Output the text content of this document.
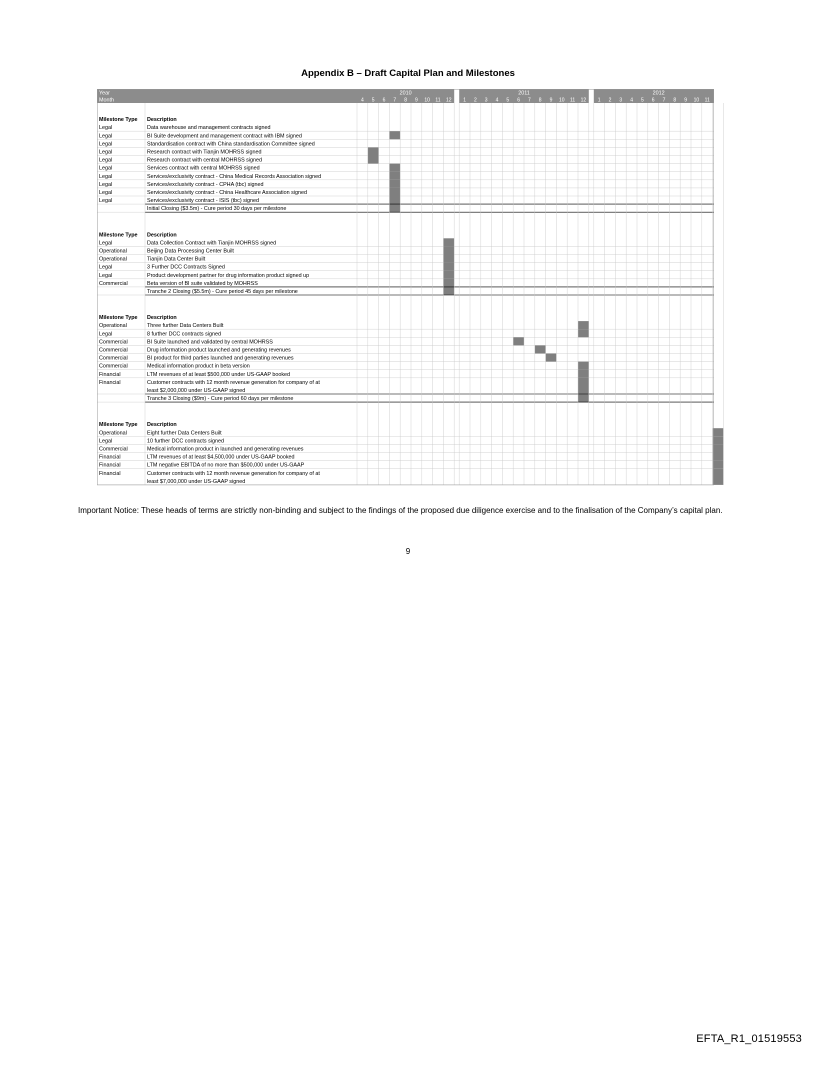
Appendix B – Draft Capital Plan and Milestones
Year
Month
2010
4 5 6 7 8 9 10 11 12
2011
1 2 3 4 5 6 7 8 9 10 11 12
2012
1 2 3 4 5 6 7 8 9 10 11 12
Milestone Type Description
Data warehouse and management contracts signed
Legal
BI Suite development and management contract with IBM signed
Legal
Standardisation contract with China standardisation Committee signed
Legal
Research contract with Tianjin MOHRSS signed
Legal
Research contract with central MOHRSS signed
Legal
Services contract with central MOHRSS signed
Legal
Services/exclusivity contract - China Medical Records Association signed
Legal
Services/exclusivity contract - CPHA (tbc) signed
Legal
Services/exclusivity contract - China Healthcare Association signed
Legal
Services/exclusivity contract - ISIS (tbc) signed
Legal
Initial Closing ($3.5m) - Cure period 30 days per milestone
Milestone Type Description
Data Collection Contract with Tianjin MOHRSS signed
Legal
Beijing Data Processing Center Built
Operational
Tianjin Data Center Built
Operational
3 Further DCC Contracts Signed
Legal
Product development partner for drug information product signed up
Legal
Beta version of BI suite validated by MOHRSS
Commercial
Tranche 2 Closing ($5.5m) - Cure period 45 days per milestone
Milestone Type Description
Three further Data Centers Built
Operational
8 further DCC contracts signed
Legal
BI Suite launched and validated by central MOHRSS
Commercial
Drug information product launched and generating revenues
Commercial
BI product for third parties launched and generating revenues
Commercial
Medical information product in beta version
Commercial
LTM revenues of at least $500,000 under US-GAAP booked
Financial
Customer contracts with 12 month revenue generation for company of at
least $2,000,000 under US-GAAP signed
Financial
Tranche 3 Closing ($9m) - Cure period 60 days per milestone
Milestone Type Description
Eight further Data Centers Built
Operational
10 further DCC contracts signed
Legal
Medical information product in launched and generating revenues
Commercial
LTM revenues of at least $4,500,000 under US-GAAP booked
Financial
LTM negative EBITDA of no more than $500,000 under US-GAAP
Financial
Customer contracts with 12 month revenue generation for company of at
least $7,000,000 under US-GAAP signed
Financial
Important Notice: These heads of terms are strictly non-binding and subject to the findings of the proposed due diligence exercise and to the finalisation of the Company’s capital plan.
9
EFTA_R1_01519553
